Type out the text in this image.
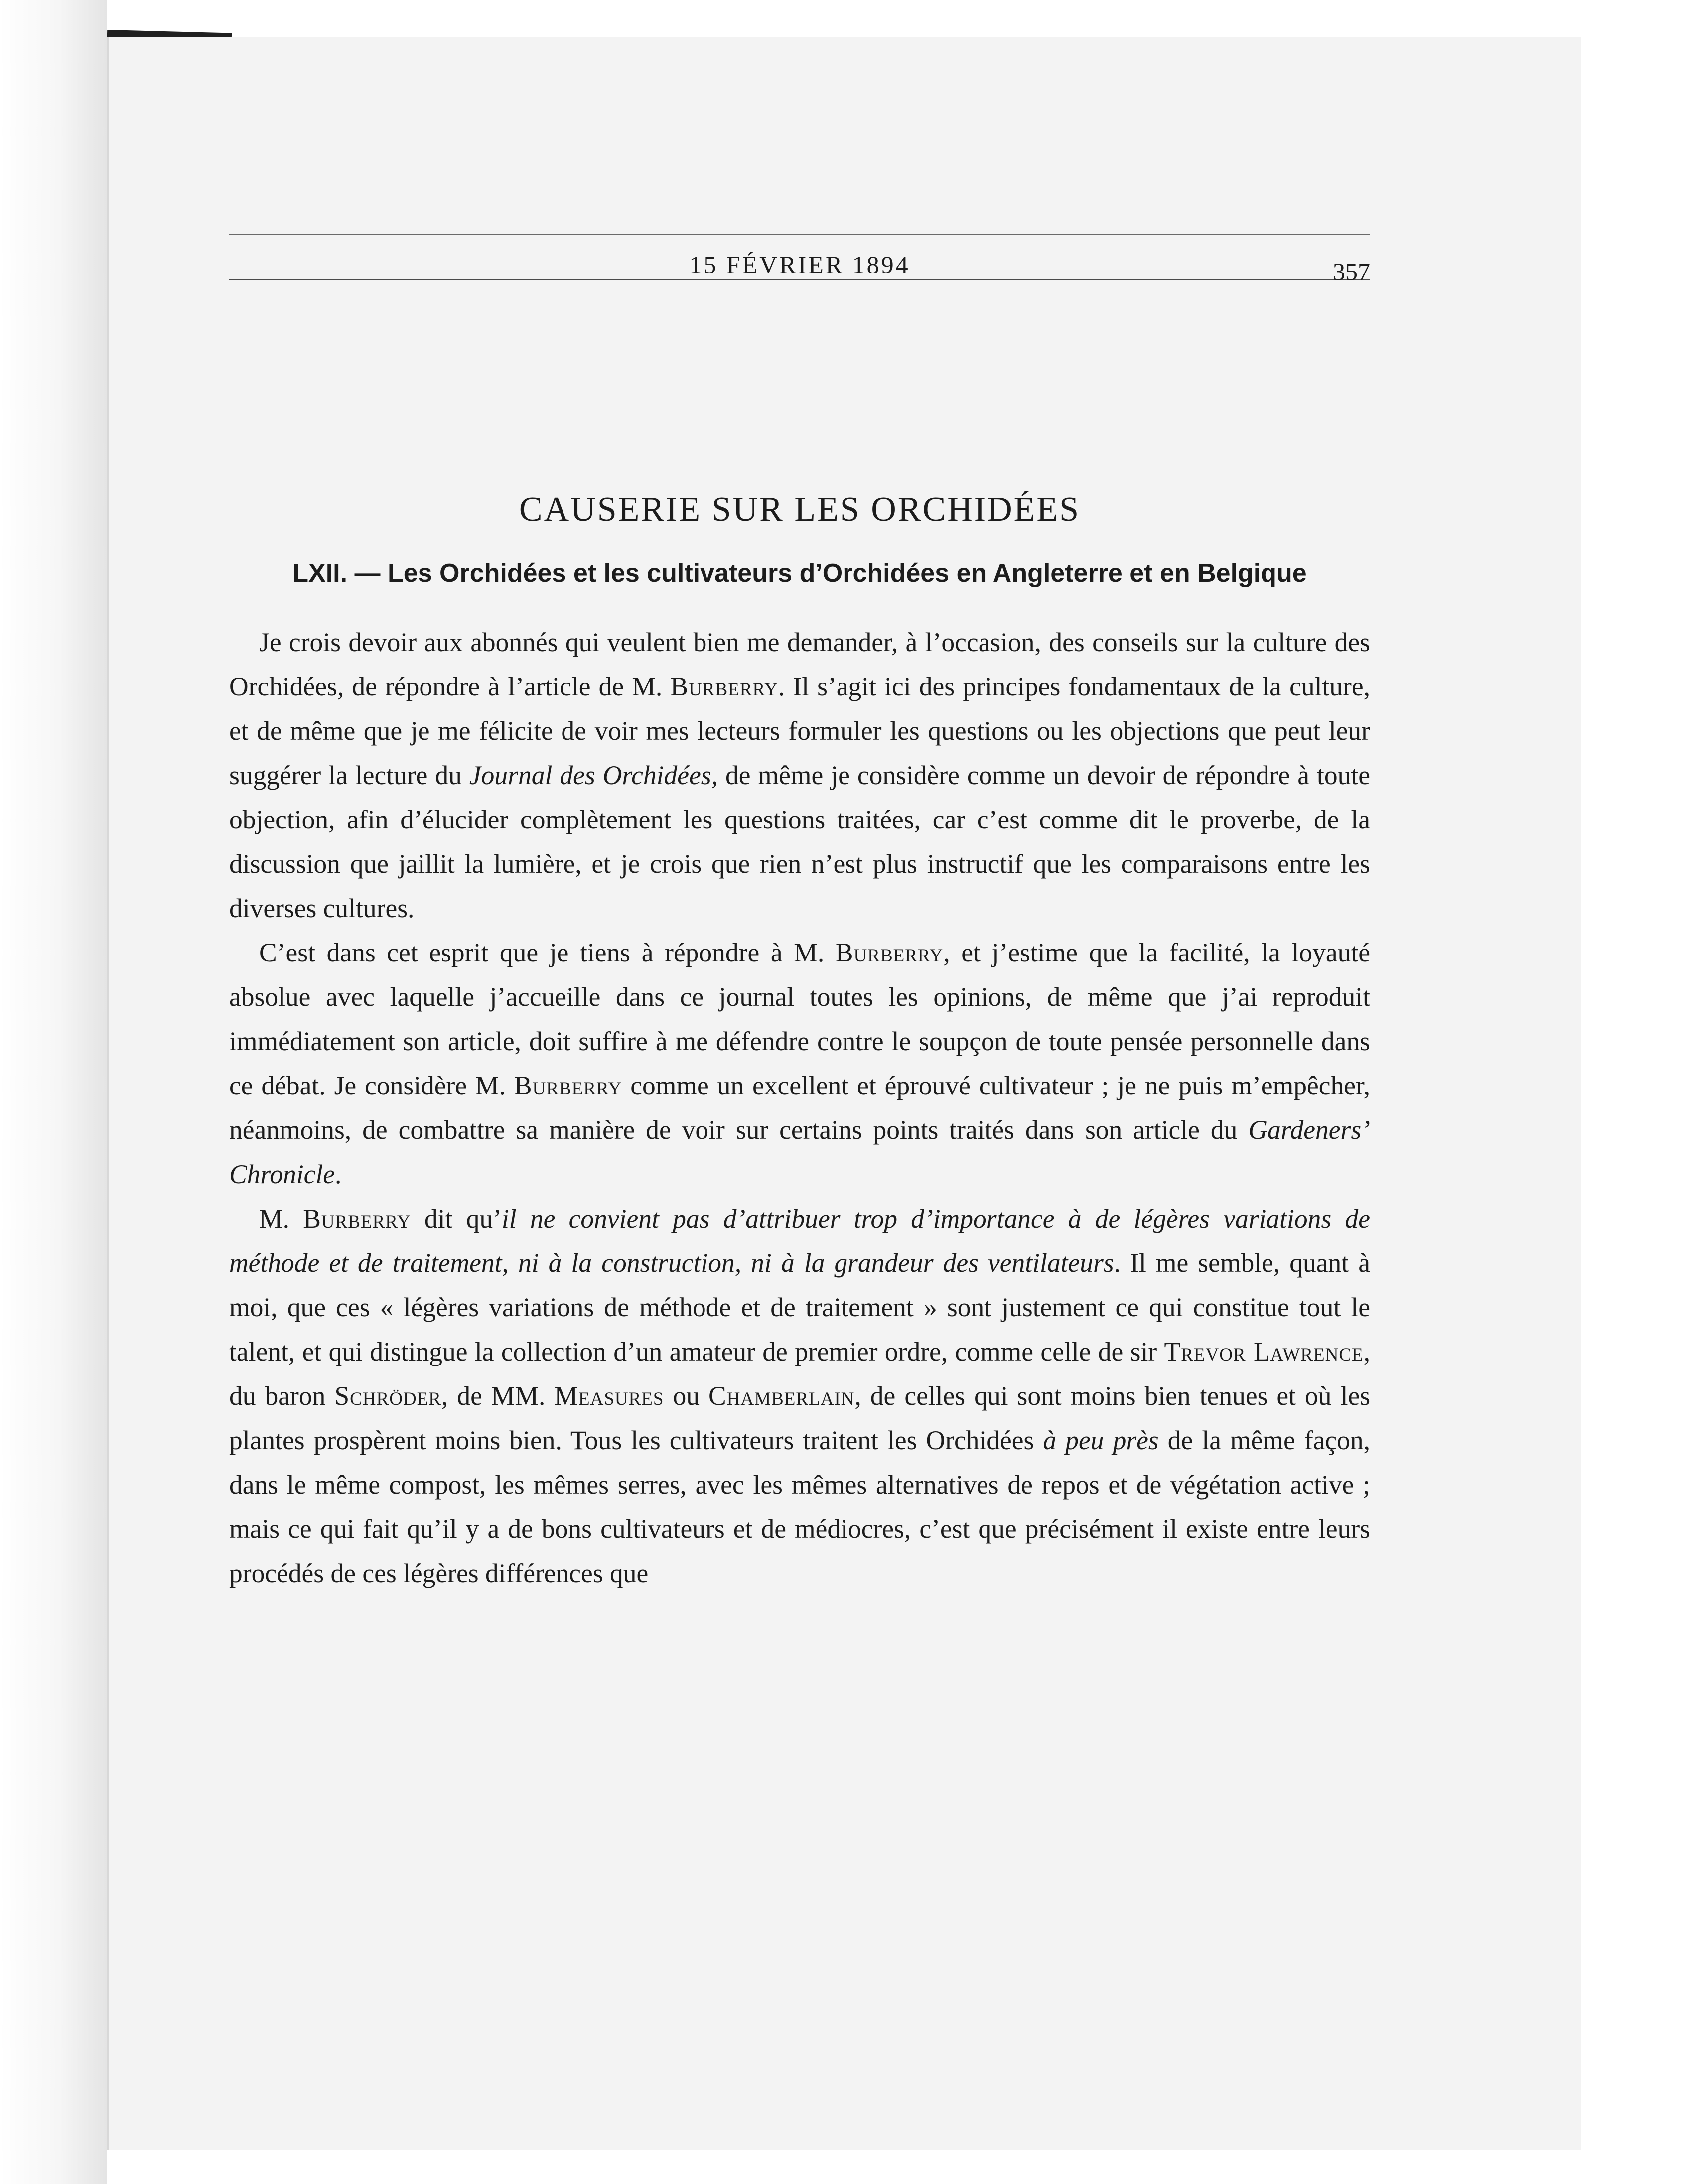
15 FÉVRIER 1894	357
CAUSERIE SUR LES ORCHIDÉES
LXII. — Les Orchidées et les cultivateurs d’Orchidées en Angleterre et en Belgique

Je crois devoir aux abonnés qui veulent bien me demander, à l’occasion, des conseils sur la culture des Orchidées, de répondre à l’article de M. Burberry. Il s’agit ici des principes fondamentaux de la culture, et de même que je me félicite de voir mes lecteurs formuler les questions ou les objections que peut leur suggérer la lecture du Journal des Orchidées, de même je considère comme un devoir de répondre à toute objection, afin d’élucider complètement les questions traitées, car c’est comme dit le proverbe, de la discussion que jaillit la lumière, et je crois que rien n’est plus instructif que les comparaisons entre les diverses cultures.

C’est dans cet esprit que je tiens à répondre à M. Burberry, et j’estime que la facilité, la loyauté absolue avec laquelle j’accueille dans ce journal toutes les opinions, de même que j’ai reproduit immédiatement son article, doit suffire à me défendre contre le soupçon de toute pensée personnelle dans ce débat. Je considère M. Burberry comme un excellent et éprouvé cultivateur ; je ne puis m’empêcher, néanmoins, de combattre sa manière de voir sur certains points traités dans son article du Gardeners’ Chronicle.

M. Burberry dit qu’il ne convient pas d’attribuer trop d’importance à de légères variations de méthode et de traitement, ni à la construction, ni à la grandeur des ventilateurs. Il me semble, quant à moi, que ces « légères variations de méthode et de traitement » sont justement ce qui constitue tout le talent, et qui distingue la collection d’un amateur de premier ordre, comme celle de sir Trevor Lawrence, du baron Schröder, de MM. Measures ou Chamberlain, de celles qui sont moins bien tenues et où les plantes prospèrent moins bien. Tous les cultivateurs traitent les Orchidées à peu près de la même façon, dans le même compost, les mêmes serres, avec les mêmes alternatives de repos et de végétation active ; mais ce qui fait qu’il y a de bons cultivateurs et de médiocres, c’est que précisément il existe entre leurs procédés de ces légères différences que
